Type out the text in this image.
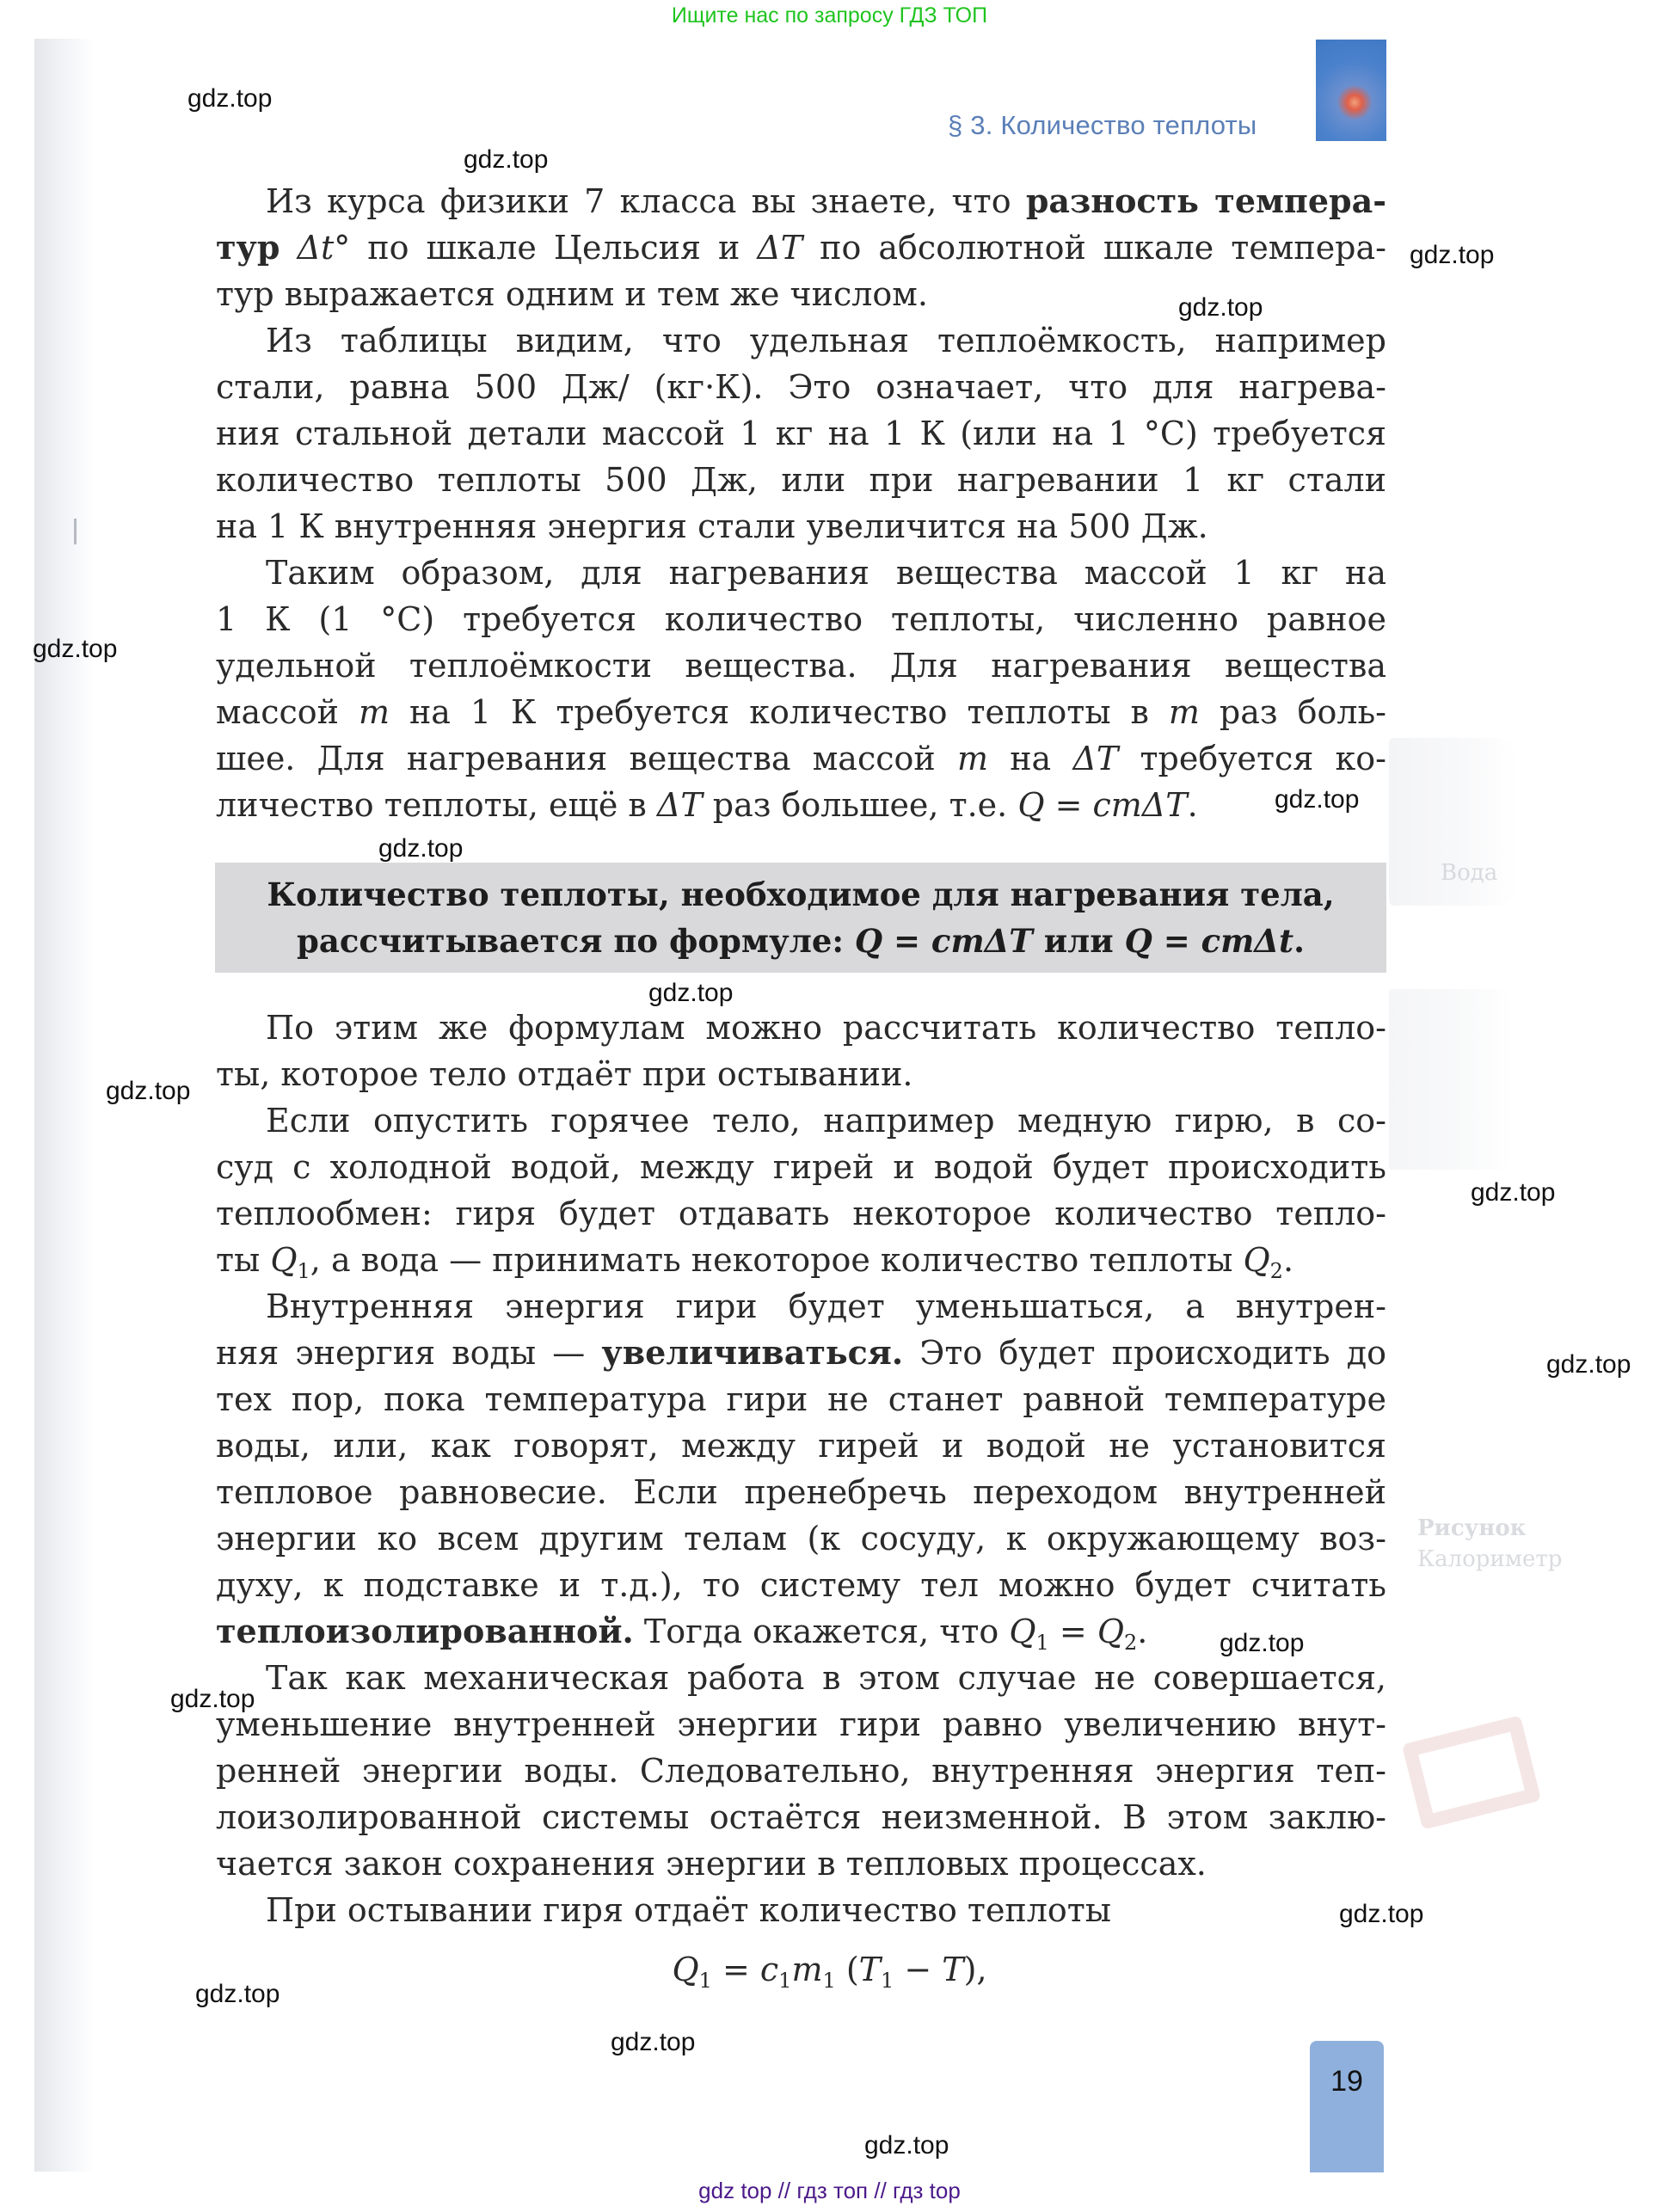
Вода
Рисунок
Калориметр
Ищите нас по запросу ГДЗ ТОП
§ 3. Количество теплоты
Из курса физики 7 класса вы знаете, что разность темпера-
тур Δt° по шкале Цельсия и ΔT по абсолютной шкале темпера-
тур выражается одним и тем же числом.
Из таблицы видим, что удельная теплоёмкость, например
стали, равна 500 Дж/ (кг·К). Это означает, что для нагрева-
ния стальной детали массой 1 кг на 1 К (или на 1 °С) требуется
количество теплоты 500 Дж, или при нагревании 1 кг стали
на 1 К внутренняя энергия стали увеличится на 500 Дж.
Таким образом, для нагревания вещества массой 1 кг на
1 К (1 °С) требуется количество теплоты, численно равное
удельной теплоёмкости вещества. Для нагревания вещества
массой m на 1 К требуется количество теплоты в m раз боль-
шее. Для нагревания вещества массой m на ΔT требуется ко-
личество теплоты, ещё в ΔT раз большее, т.е. Q = cmΔT.
Количество теплоты, необходимое для нагревания тела,
рассчитывается по формуле: Q = cmΔT или Q = cmΔt.
По этим же формулам можно рассчитать количество тепло-
ты, которое тело отдаёт при остывании.
Если опустить горячее тело, например медную гирю, в со-
суд с холодной водой, между гирей и водой будет происходить
теплообмен: гиря будет отдавать некоторое количество тепло-
ты $Q_1$, а вода — принимать некоторое количество теплоты $Q_2$.
Внутренняя энергия гири будет уменьшаться, а внутрен-
няя энергия воды — увеличиваться. Это будет происходить до
тех пор, пока температура гири не станет равной температуре
воды, или, как говорят, между гирей и водой не установится
тепловое равновесие. Если пренебречь переходом внутренней
энергии ко всем другим телам (к сосуду, к окружающему воз-
духу, к подставке и т.д.), то систему тел можно будет считать
теплоизолированной. Тогда окажется, что $Q_1 = Q_2$.
Так как механическая работа в этом случае не совершается,
уменьшение внутренней энергии гири равно увеличению внут-
ренней энергии воды. Следовательно, внутренняя энергия теп-
лоизолированной системы остаётся неизменной. В этом заклю-
чается закон сохранения энергии в тепловых процессах.
При остывании гиря отдаёт количество теплоты
$Q_1 = c_1m_1$ $(T_1 - T)$,
19
gdz.top
gdz.top
gdz.top
gdz.top
gdz.top
gdz.top
gdz.top
gdz.top
gdz.top
gdz.top
gdz.top
gdz.top
gdz.top
gdz.top
gdz.top
gdz.top
gdz.top
gdz top // гдз топ // гдз top
